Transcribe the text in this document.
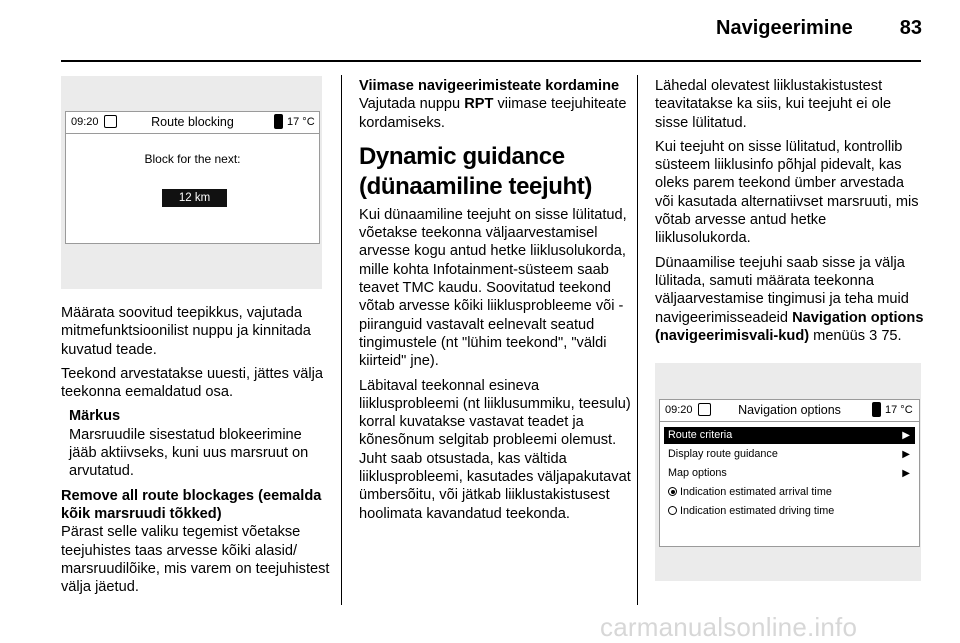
Navigeerimine	83
09:20	Route blocking	17 °C
Block for the next:
12 km

Määrata soovitud teepikkus, vajutada mitmefunktsioonilist nuppu ja kinnitada kuvatud teade.

Teekond arvestatakse uuesti, jättes välja teekonna eemaldatud osa.

Märkus
Marsruudile sisestatud blokeerimine jääb aktiivseks, kuni uus marsruut on arvutatud.
Remove all route blockages (eemalda kõik marsruudi tõkked)

Pärast selle valiku tegemist võetakse teejuhistes taas arvesse kõiki alasid/ marsruudilõike, mis varem on teejuhistest välja jäetud.

Viimase navigeerimisteate kordamine

Vajutada nuppu RPT viimase teejuhiteate kordamiseks.

Dynamic guidance (dünaamiline teejuht)

Kui dünaamiline teejuht on sisse lülitatud, võetakse teekonna väljaarvestamisel arvesse kogu antud hetke liiklusolukorda, mille kohta Infotainment-süsteem saab teavet TMC kaudu. Soovitatud teekond võtab arvesse kõiki liiklusprobleeme või -piiranguid vastavalt eelnevalt seatud tingimustele (nt "lühim teekond", "väldi kiirteid" jne).

Läbitaval teekonnal esineva liiklusprobleemi (nt liiklusummiku, teesulu) korral kuvatakse vastavat teadet ja kõnesõnum selgitab probleemi olemust. Juht saab otsustada, kas vältida liiklusprobleemi, kasutades väljapakutavat ümbersõitu, või jätkab liiklustakistusest hoolimata kavandatud teekonda.

Lähedal olevatest liiklustakistustest teavitatakse ka siis, kui teejuht ei ole sisse lülitatud.

Kui teejuht on sisse lülitatud, kontrollib süsteem liiklusinfo põhjal pidevalt, kas oleks parem teekond ümber arvestada või kasutada alternatiivset marsruuti, mis võtab arvesse antud hetke liiklusolukorda.

Dünaamilise teejuhi saab sisse ja välja lülitada, samuti määrata teekonna väljaarvestamise tingimusi ja teha muid navigeerimisseadeid Navigation options (navigeerimisvali-kud) menüüs 3 75.

09:20	Navigation options	17 °C
Route criteria	▶
Display route guidance	▶
Map options	▶
Indication estimated arrival time
Indication estimated driving time
carmanualsonline.info
